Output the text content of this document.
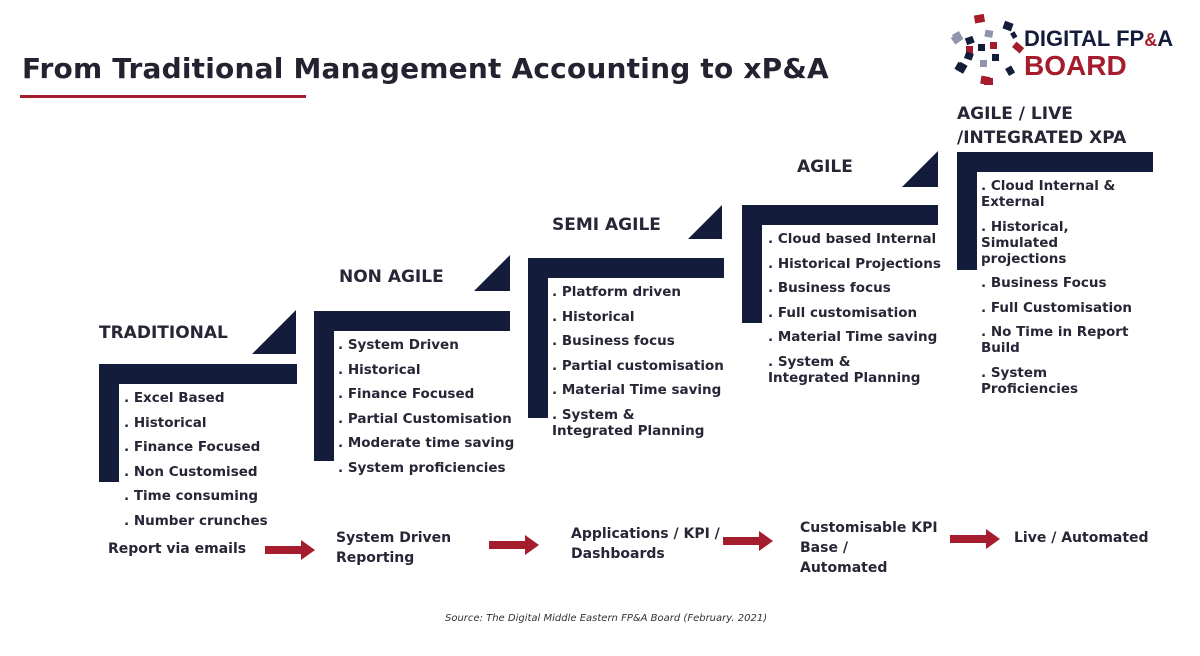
From Traditional Management Accounting to xP&A
DIGITAL FP&A
BOARD
TRADITIONAL
. Excel Based
. Historical
. Finance Focused
. Non Customised
. Time consuming
. Number crunches
NON AGILE
. System Driven
. Historical
. Finance Focused
. Partial Customisation
. Moderate time saving
. System proficiencies
SEMI AGILE
. Platform driven
. Historical
. Business focus
. Partial customisation
. Material Time saving
. System & Integrated Planning
AGILE
. Cloud based Internal
. Historical Projections
. Business focus
. Full customisation
. Material Time saving
. System & Integrated Planning
AGILE / LIVE /INTEGRATED XPA
. Cloud Internal & External
. Historical, Simulated projections
. Business Focus
. Full Customisation
. No Time in Report Build
. System Proficiencies
Report via emails
System Driven Reporting
Applications / KPI / Dashboards
Customisable KPI Base / Automated
Live / Automated
Source: The Digital Middle Eastern FP&A Board (February. 2021)
